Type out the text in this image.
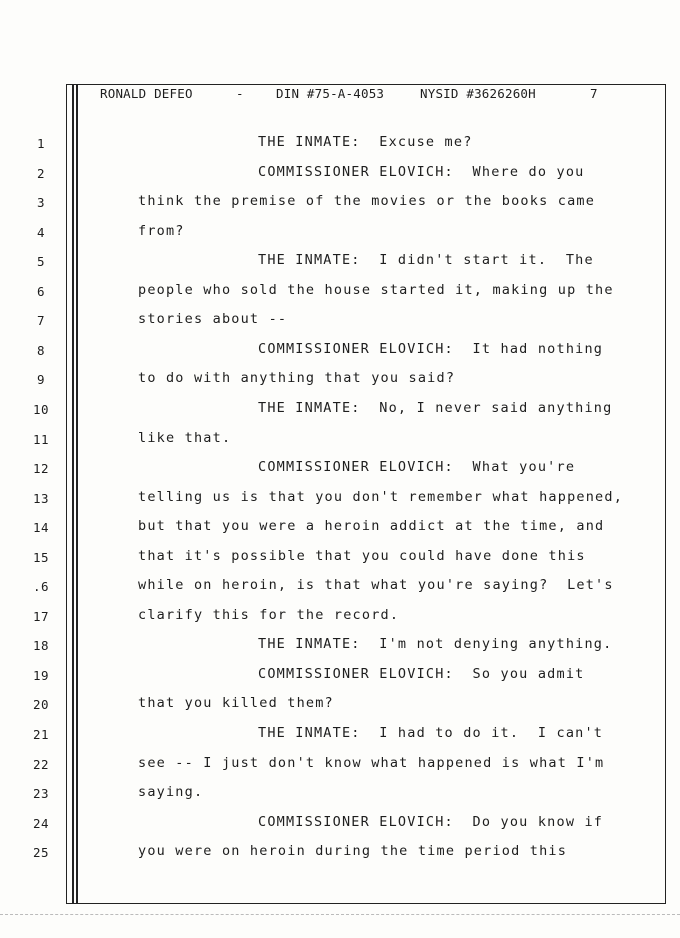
RONALD DEFEO	-	DIN #75-A-4053	NYSID #3626260H	7
1	THE INMATE:  Excuse me?
2	COMMISSIONER ELOVICH:  Where do you
3	think the premise of the movies or the books came
4	from?
5	THE INMATE:  I didn't start it.  The
6	people who sold the house started it, making up the
7	stories about --
8	COMMISSIONER ELOVICH:  It had nothing
9	to do with anything that you said?
10	THE INMATE:  No, I never said anything
11	like that.
12	COMMISSIONER ELOVICH:  What you're
13	telling us is that you don't remember what happened,
14	but that you were a heroin addict at the time, and
15	that it's possible that you could have done this
.6	while on heroin, is that what you're saying?  Let's
17	clarify this for the record.
18	THE INMATE:  I'm not denying anything.
19	COMMISSIONER ELOVICH:  So you admit
20	that you killed them?
21	THE INMATE:  I had to do it.  I can't
22	see -- I just don't know what happened is what I'm
23	saying.
24	COMMISSIONER ELOVICH:  Do you know if
25	you were on heroin during the time period this
